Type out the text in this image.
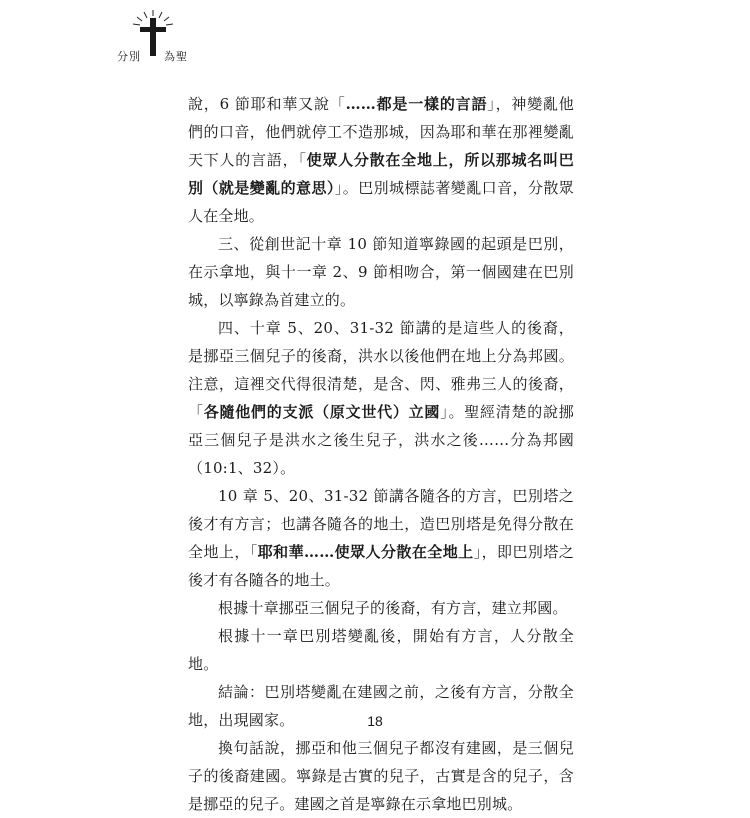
分別 為聖

說，6 節耶和華又說「……都是一樣的言語」，神變亂他們的口音，他們就停工不造那城，因為耶和華在那裡變亂天下人的言語，「使眾人分散在全地上，所以那城名叫巴別（就是變亂的意思）」。巴別城標誌著變亂口音，分散眾人在全地。

三、從創世記十章 10 節知道寧錄國的起頭是巴別，在示拿地，與十一章 2、9 節相吻合，第一個國建在巴別城，以寧錄為首建立的。

四、十章 5、20、31-32 節講的是這些人的後裔，是挪亞三個兒子的後裔，洪水以後他們在地上分為邦國。注意，這裡交代得很清楚，是含、閃、雅弗三人的後裔，「各隨他們的支派（原文世代）立國」。聖經清楚的說挪亞三個兒子是洪水之後生兒子，洪水之後……分為邦國（10:1、32）。

10 章 5、20、31-32 節講各隨各的方言，巴別塔之後才有方言；也講各隨各的地土，造巴別塔是免得分散在全地上，「耶和華……使眾人分散在全地上」，即巴別塔之後才有各隨各的地土。

根據十章挪亞三個兒子的後裔，有方言，建立邦國。

根據十一章巴別塔變亂後，開始有方言，人分散全地。

結論：巴別塔變亂在建國之前，之後有方言，分散全地，出現國家。

換句話說，挪亞和他三個兒子都沒有建國，是三個兒子的後裔建國。寧錄是古實的兒子，古實是含的兒子，含是挪亞的兒子。建國之首是寧錄在示拿地巴別城。

18
